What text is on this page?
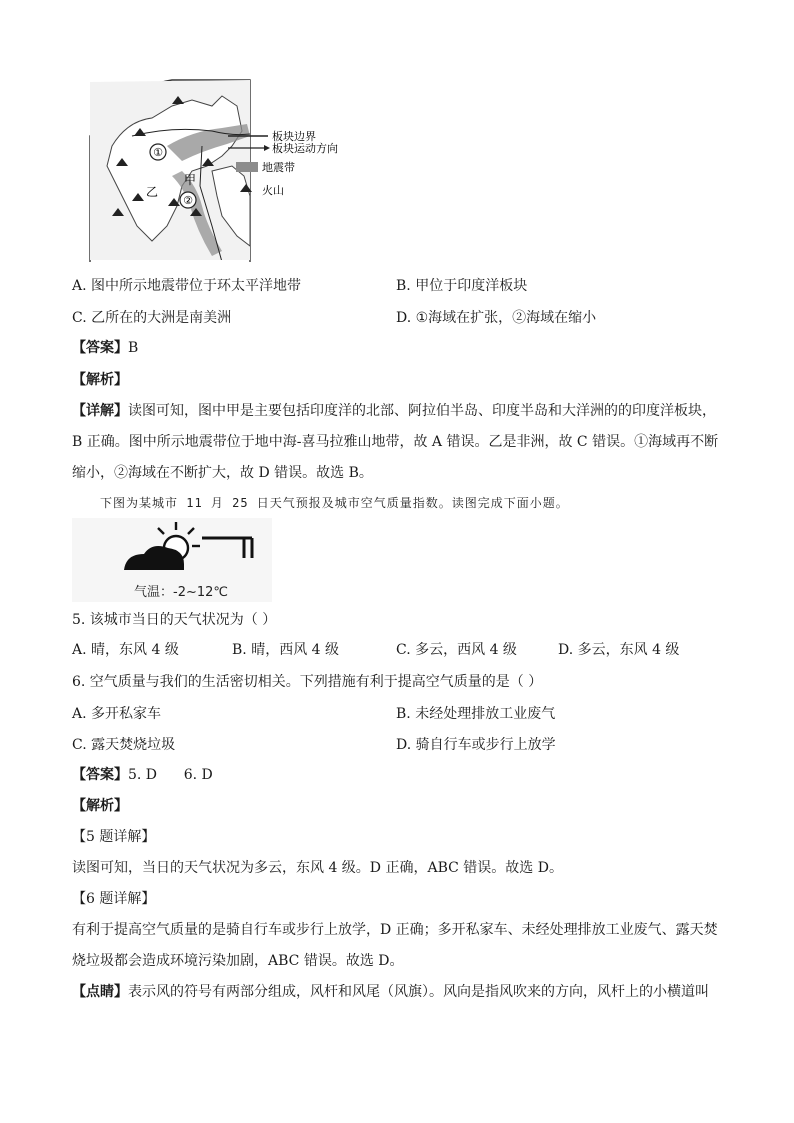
①
②
甲
乙
板块边界
板块运动方向
地震带
火山
A. 图中所示地震带位于环太平洋地带	B. 甲位于印度洋板块
C. 乙所在的大洲是南美洲	D. ①海域在扩张，②海域在缩小
【答案】B
【解析】
【详解】读图可知，图中甲是主要包括印度洋的北部、阿拉伯半岛、印度半岛和大洋洲的的印度洋板块，
B 正确。图中所示地震带位于地中海-喜马拉雅山地带，故 A 错误。乙是非洲，故 C 错误。①海域再不断
缩小，②海域在不断扩大，故 D 错误。故选 B。
下图为某城市 11 月 25 日天气预报及城市空气质量指数。读图完成下面小题。
气温：-2~12℃
5. 该城市当日的天气状况为（ ）
A. 晴，东风 4 级	B. 晴，西风 4 级	C. 多云，西风 4 级	D. 多云，东风 4 级
6. 空气质量与我们的生活密切相关。下列措施有利于提高空气质量的是（ ）
A. 多开私家车	B. 未经处理排放工业废气
C. 露天焚烧垃圾	D. 骑自行车或步行上放学
【答案】5. D      6. D
【解析】
【5 题详解】
读图可知，当日的天气状况为多云，东风 4 级。D 正确，ABC 错误。故选 D。
【6 题详解】
有利于提高空气质量的是骑自行车或步行上放学，D 正确；多开私家车、未经处理排放工业废气、露天焚
烧垃圾都会造成环境污染加剧，ABC 错误。故选 D。
【点睛】表示风的符号有两部分组成，风杆和风尾（风旗）。风向是指风吹来的方向，风杆上的小横道叫
